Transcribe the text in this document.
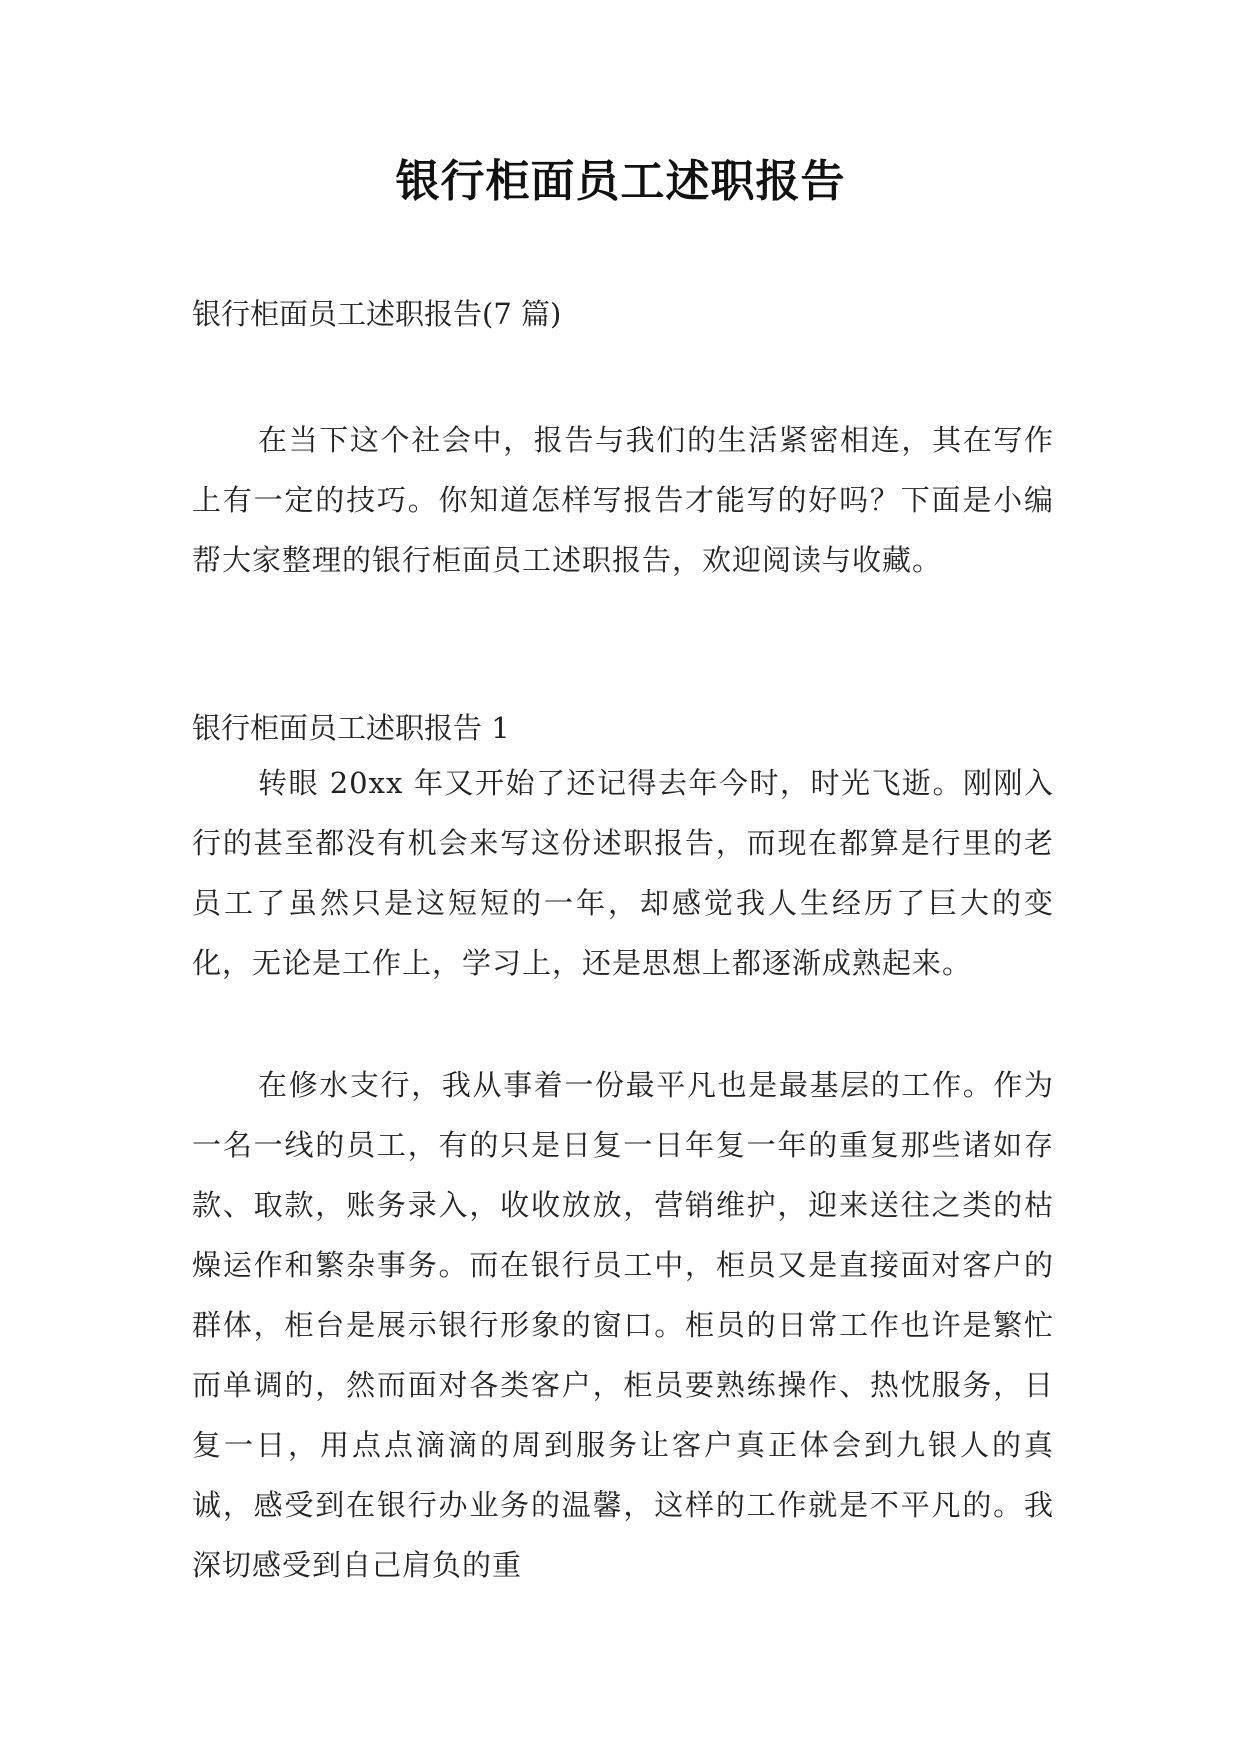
银行柜面员工述职报告
银行柜面员工述职报告(7 篇)

在当下这个社会中，报告与我们的生活紧密相连，其在写作上有一定的技巧。你知道怎样写报告才能写的好吗？下面是小编帮大家整理的银行柜面员工述职报告，欢迎阅读与收藏。

银行柜面员工述职报告 1

转眼 20xx 年又开始了还记得去年今时，时光飞逝。刚刚入行的甚至都没有机会来写这份述职报告，而现在都算是行里的老员工了虽然只是这短短的一年，却感觉我人生经历了巨大的变化，无论是工作上，学习上，还是思想上都逐渐成熟起来。

在修水支行，我从事着一份最平凡也是最基层的工作。作为一名一线的员工，有的只是日复一日年复一年的重复那些诸如存款、取款，账务录入，收收放放，营销维护，迎来送往之类的枯燥运作和繁杂事务。而在银行员工中，柜员又是直接面对客户的群体，柜台是展示银行形象的窗口。柜员的日常工作也许是繁忙而单调的，然而面对各类客户，柜员要熟练操作、热忱服务，日复一日，用点点滴滴的周到服务让客户真正体会到九银人的真诚，感受到在银行办业务的温馨，这样的工作就是不平凡的。我深切感受到自己肩负的重
